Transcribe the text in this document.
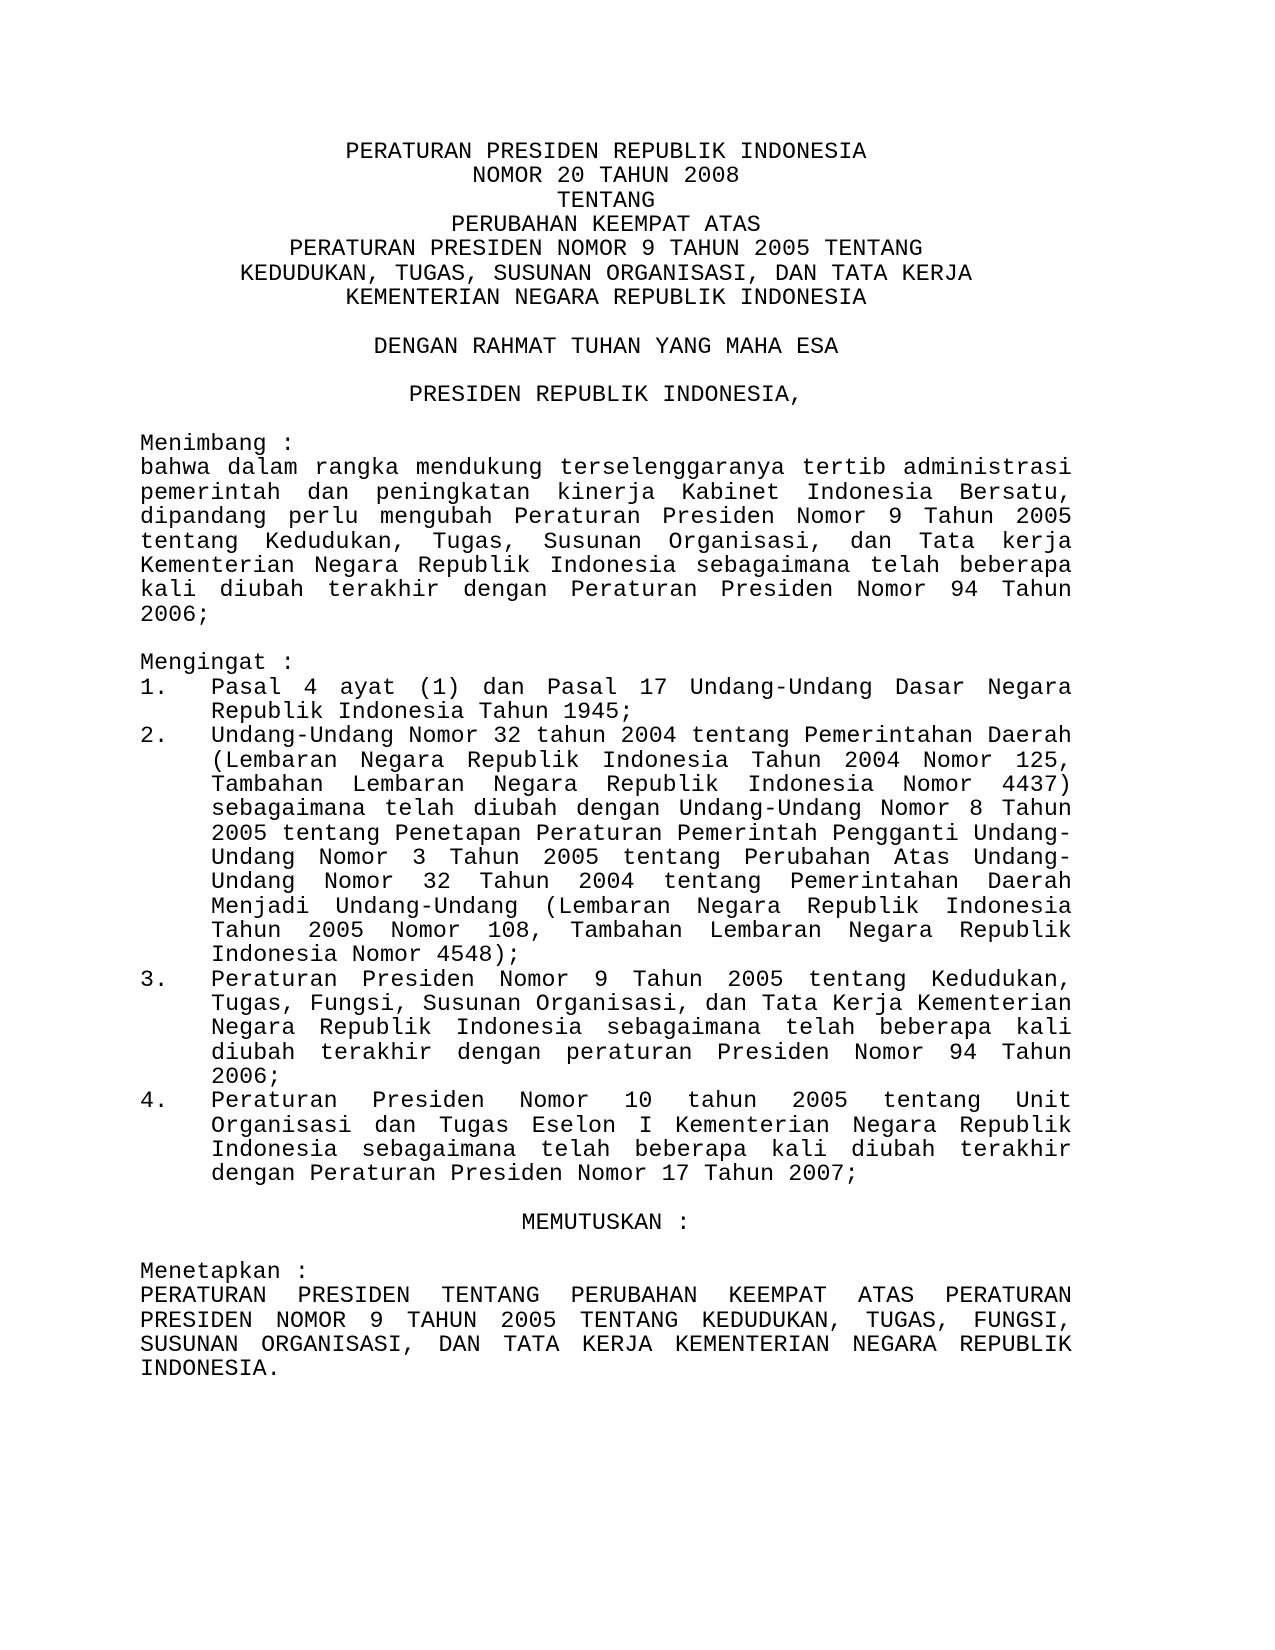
PERATURAN PRESIDEN REPUBLIK INDONESIA
NOMOR 20 TAHUN 2008
TENTANG
PERUBAHAN KEEMPAT ATAS
PERATURAN PRESIDEN NOMOR 9 TAHUN 2005 TENTANG
KEDUDUKAN, TUGAS, SUSUNAN ORGANISASI, DAN TATA KERJA
KEMENTERIAN NEGARA REPUBLIK INDONESIA
DENGAN RAHMAT TUHAN YANG MAHA ESA
PRESIDEN REPUBLIK INDONESIA,
Menimbang :
bahwa dalam rangka mendukung terselenggaranya tertib administrasi
pemerintah dan peningkatan kinerja Kabinet Indonesia Bersatu,
dipandang perlu mengubah Peraturan Presiden Nomor 9 Tahun 2005
tentang Kedudukan, Tugas, Susunan Organisasi, dan Tata kerja
Kementerian Negara Republik Indonesia sebagaimana telah beberapa
kali diubah terakhir dengan Peraturan Presiden Nomor 94 Tahun
2006;
Mengingat :
1. Pasal 4 ayat (1) dan Pasal 17 Undang-Undang Dasar Negara
Republik Indonesia Tahun 1945;
2. Undang-Undang Nomor 32 tahun 2004 tentang Pemerintahan Daerah
(Lembaran Negara Republik Indonesia Tahun 2004 Nomor 125,
Tambahan Lembaran Negara Republik Indonesia Nomor 4437)
sebagaimana telah diubah dengan Undang-Undang Nomor 8 Tahun
2005 tentang Penetapan Peraturan Pemerintah Pengganti Undang-
Undang Nomor 3 Tahun 2005 tentang Perubahan Atas Undang-
Undang Nomor 32 Tahun 2004 tentang Pemerintahan Daerah
Menjadi Undang-Undang (Lembaran Negara Republik Indonesia
Tahun 2005 Nomor 108, Tambahan Lembaran Negara Republik
Indonesia Nomor 4548);
3. Peraturan Presiden Nomor 9 Tahun 2005 tentang Kedudukan,
Tugas, Fungsi, Susunan Organisasi, dan Tata Kerja Kementerian
Negara Republik Indonesia sebagaimana telah beberapa kali
diubah terakhir dengan peraturan Presiden Nomor 94 Tahun
2006;
4. Peraturan Presiden Nomor 10 tahun 2005 tentang Unit
Organisasi dan Tugas Eselon I Kementerian Negara Republik
Indonesia sebagaimana telah beberapa kali diubah terakhir
dengan Peraturan Presiden Nomor 17 Tahun 2007;
MEMUTUSKAN :
Menetapkan :
PERATURAN PRESIDEN TENTANG PERUBAHAN KEEMPAT ATAS PERATURAN
PRESIDEN NOMOR 9 TAHUN 2005 TENTANG KEDUDUKAN, TUGAS, FUNGSI,
SUSUNAN ORGANISASI, DAN TATA KERJA KEMENTERIAN NEGARA REPUBLIK
INDONESIA.
